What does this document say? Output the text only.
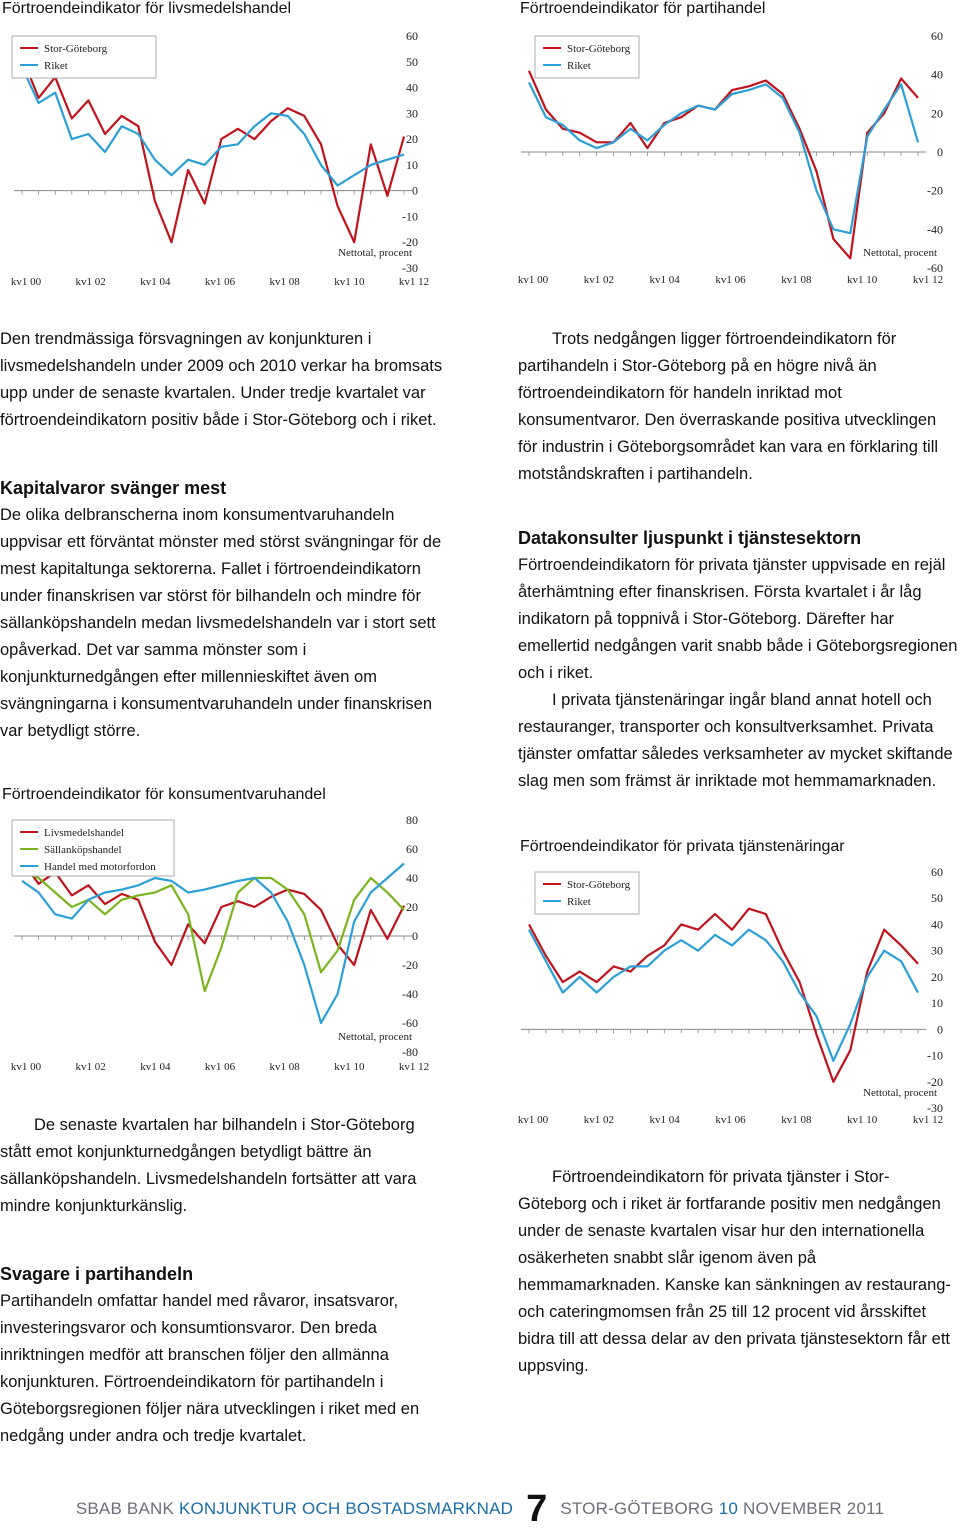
Förtroendeindikator för livsmedelshandel
60
50
40
30
20
10
0
-10
-20
-30
kv1 00	kv1 02	kv1 04	kv1 06	kv1 08	kv1 10	kv1 12
Nettotal, procent
Stor-Göteborg
Riket
Förtroendeindikator för partihandel
60
40
20
0
-20
-40
-60
kv1 00	kv1 02	kv1 04	kv1 06	kv1 08	kv1 10	kv1 12
Nettotal, procent
Stor-Göteborg
Riket

Den trendmässiga försvagningen av konjunkturen i livsmedelshandeln under 2009 och 2010 verkar ha bromsats upp under de senaste kvartalen. Under tredje kvartalet var förtroendeindikatorn positiv både i Stor-Göteborg och i riket.

Kapitalvaror svänger mest

De olika delbranscherna inom konsumentvaruhandeln uppvisar ett förväntat mönster med störst svängningar för de mest kapitaltunga sektorerna. Fallet i förtroendeindikatorn under finanskrisen var störst för bilhandeln och mindre för sällanköpshandeln medan livsmedelshandeln var i stort sett opåverkad. Det var samma mönster som i konjunkturnedgången efter millennieskiftet även om svängningarna i konsumentvaruhandeln under finanskrisen var betydligt större.

Förtroendeindikator för konsumentvaruhandel
80
60
40
20
0
-20
-40
-60
-80
kv1 00	kv1 02	kv1 04	kv1 06	kv1 08	kv1 10	kv1 12
Nettotal, procent
Livsmedelshandel
Sällanköpshandel
Handel med motorfordon

De senaste kvartalen har bilhandeln i Stor-Göteborg stått emot konjunkturnedgången betydligt bättre än sällanköpshandeln. Livsmedelshandeln fortsätter att vara mindre konjunkturkänslig.

Svagare i partihandeln

Partihandeln omfattar handel med råvaror, insatsvaror, investeringsvaror och konsumtionsvaror. Den breda inriktningen medför att branschen följer den allmänna konjunkturen. Förtroendeindikatorn för partihandeln i Göteborgsregionen följer nära utvecklingen i riket med en nedgång under andra och tredje kvartalet.

Trots nedgången ligger förtroendeindikatorn för partihandeln i Stor-Göteborg på en högre nivå än förtroendeindikatorn för handeln inriktad mot konsumentvaror. Den överraskande positiva utvecklingen för industrin i Göteborgsområdet kan vara en förklaring till motståndskraften i partihandeln.

Datakonsulter ljuspunkt i tjänstesektorn

Förtroendeindikatorn för privata tjänster uppvisade en rejäl återhämtning efter finanskrisen. Första kvartalet i år låg indikatorn på toppnivå i Stor-Göteborg. Därefter har emellertid nedgången varit snabb både i Göteborgsregionen och i riket.

I privata tjänstenäringar ingår bland annat hotell och restauranger, transporter och konsultverksamhet. Privata tjänster omfattar således verksamheter av mycket skiftande slag men som främst är inriktade mot hemmamarknaden.

Förtroendeindikator för privata tjänstenäringar
60
50
40
30
20
10
0
-10
-20
-30
kv1 00	kv1 02	kv1 04	kv1 06	kv1 08	kv1 10	kv1 12
Nettotal, procent
Stor-Göteborg
Riket

Förtroendeindikatorn för privata tjänster i Stor-Göteborg och i riket är fortfarande positiv men nedgången under de senaste kvartalen visar hur den internationella osäkerheten snabbt slår igenom även på hemmamarknaden. Kanske kan sänkningen av restaurang- och cateringmomsen från 25 till 12 procent vid årsskiftet bidra till att dessa delar av den privata tjänstesektorn får ett uppsving.

SBAB BANK KONJUNKTUR OCH BOSTADSMARKNAD 7 STOR-GÖTEBORG 10 NOVEMBER 2011
